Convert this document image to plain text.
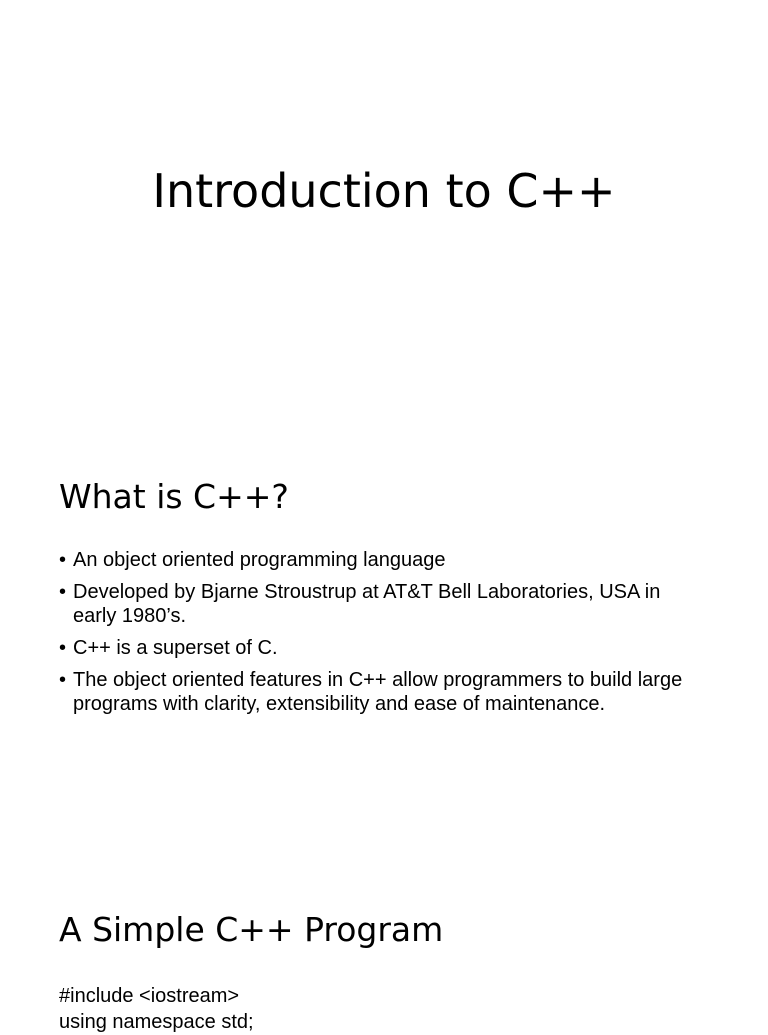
Introduction to C++
What is C++?
• An object oriented programming language
• Developed by Bjarne Stroustrup at AT&T Bell Laboratories, USA in early 1980’s.
• C++ is a superset of C.
• The object oriented features in C++ allow programmers to build large programs with clarity, extensibility and ease of maintenance.
A Simple C++ Program
#include <iostream>
using namespace std;
